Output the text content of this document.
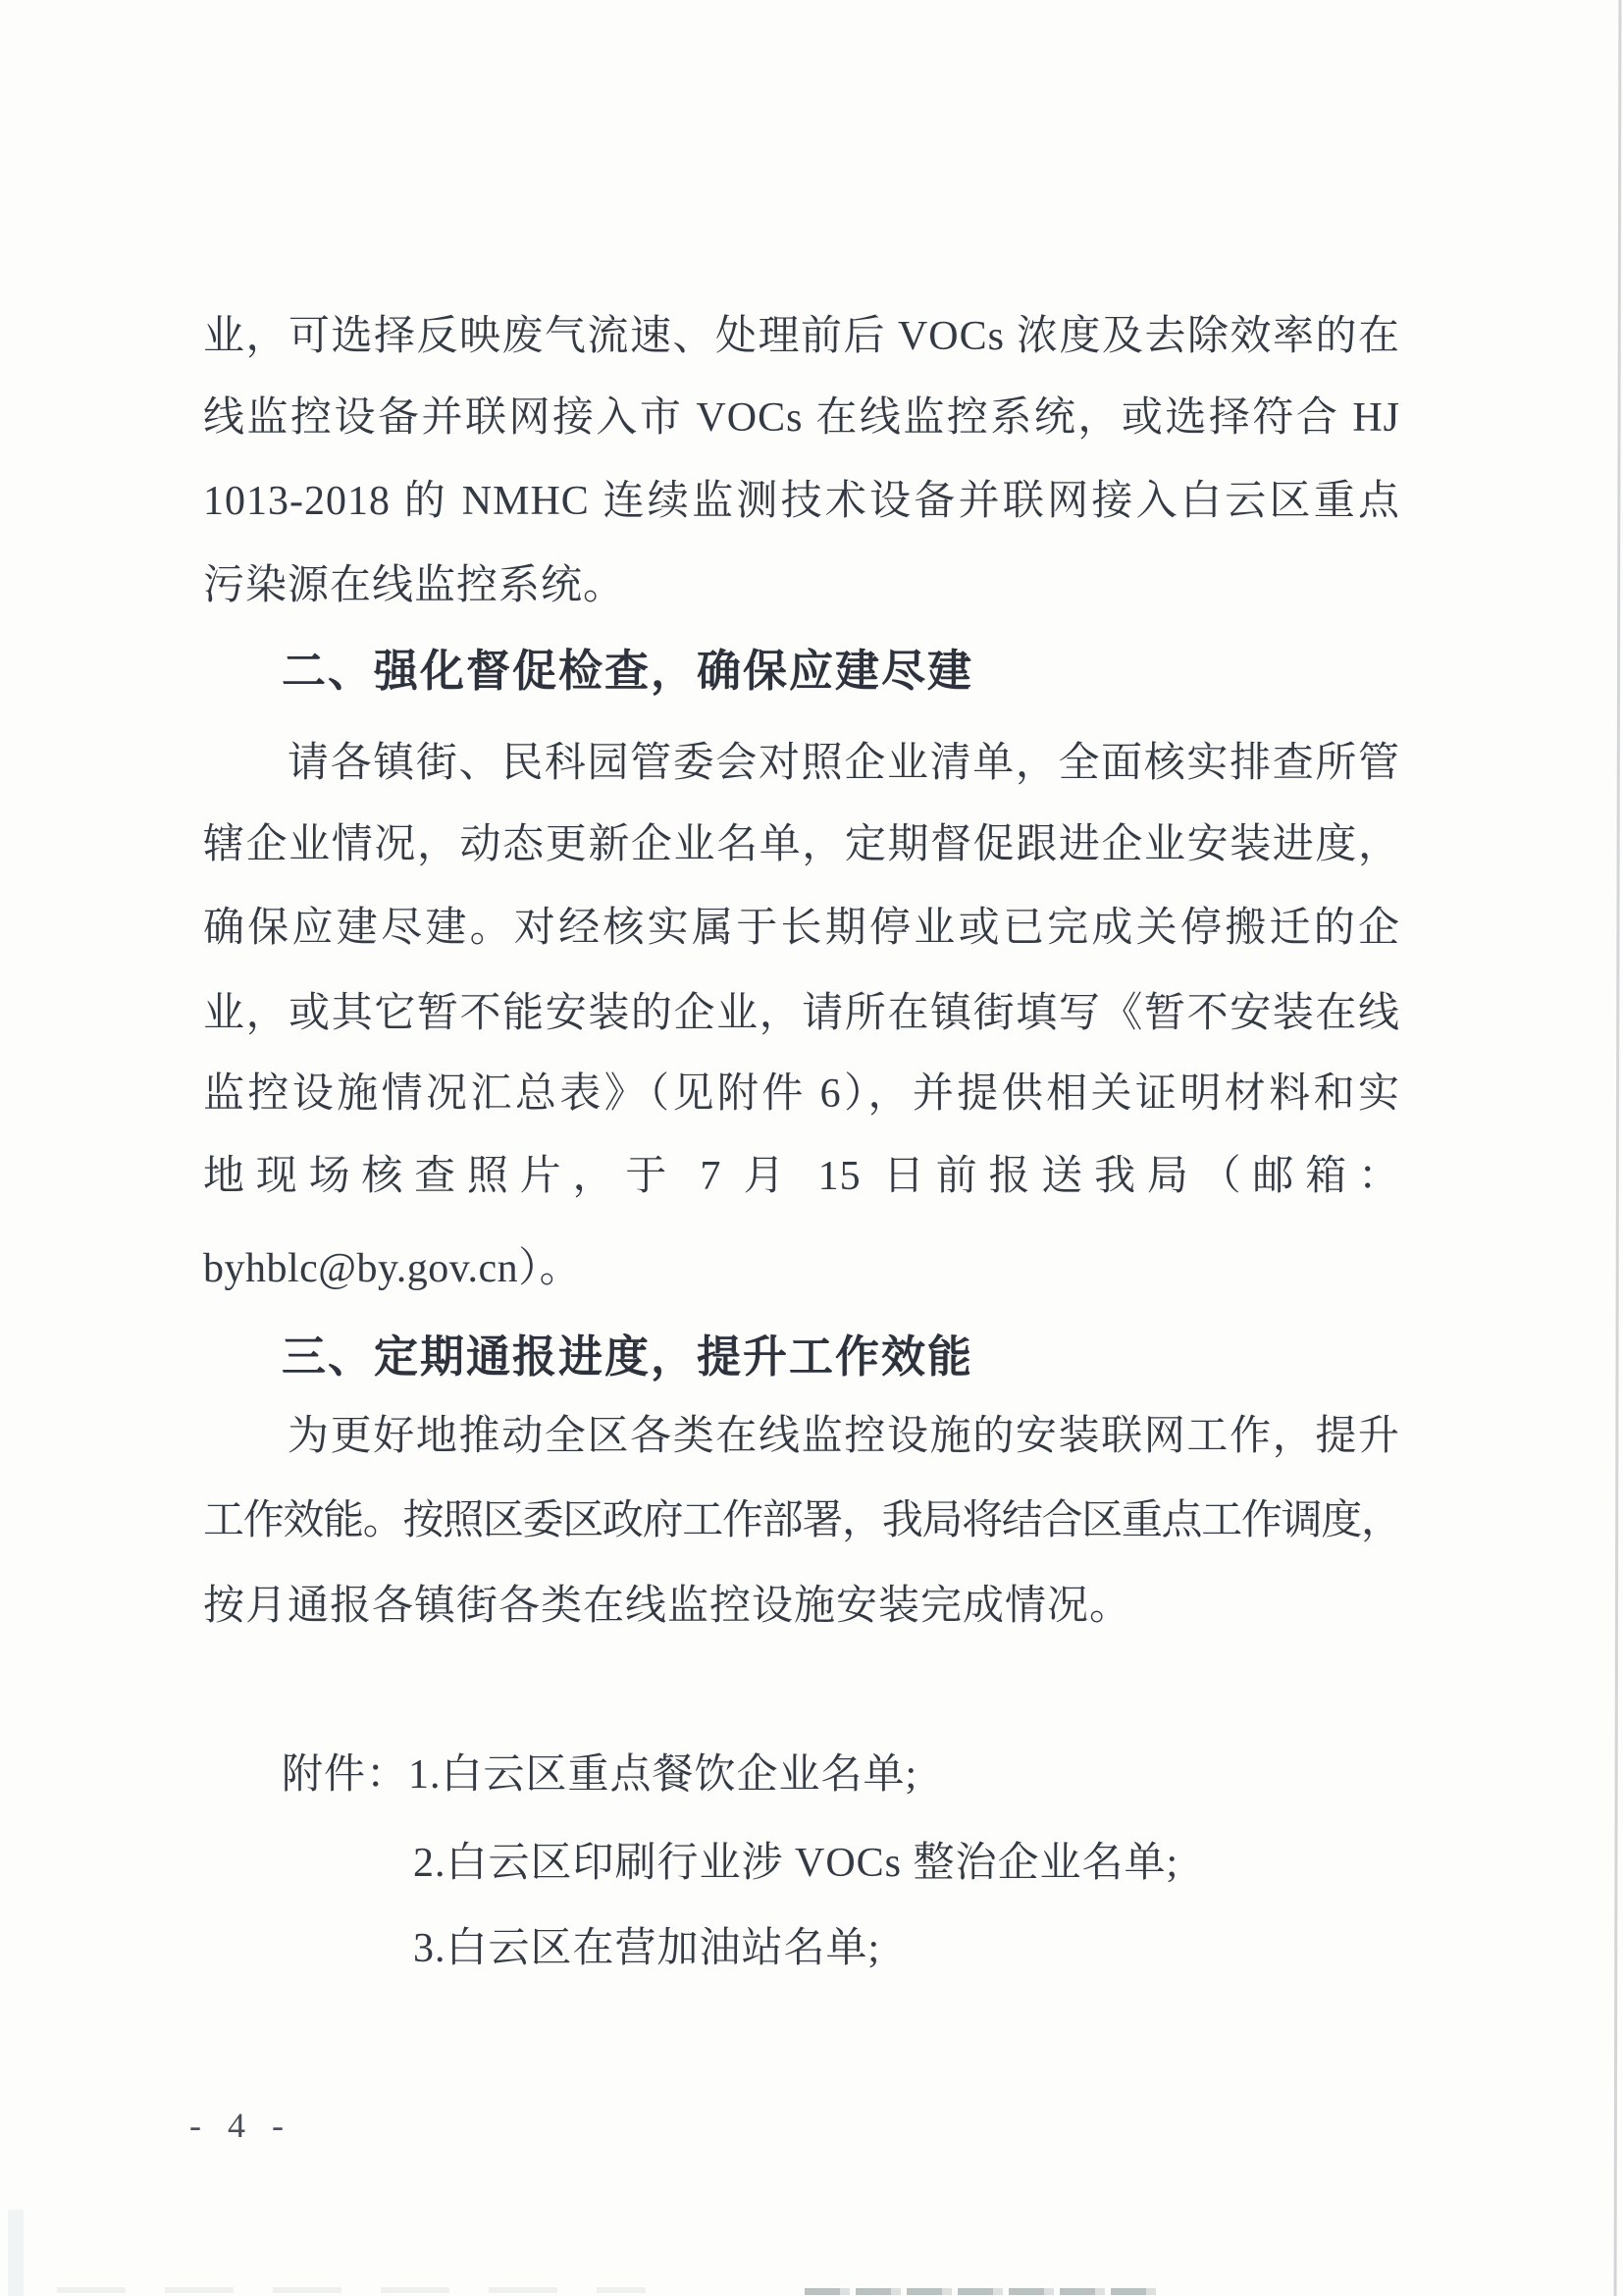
业，可选择反映废气流速、处理前后 VOCs 浓度及去除效率的在
线监控设备并联网接入市 VOCs 在线监控系统，或选择符合 HJ
1013-2018 的 NMHC 连续监测技术设备并联网接入白云区重点
污染源在线监控系统。
二、强化督促检查，确保应建尽建
请各镇街、民科园管委会对照企业清单，全面核实排查所管
辖企业情况，动态更新企业名单，定期督促跟进企业安装进度，
确保应建尽建。对经核实属于长期停业或已完成关停搬迁的企
业，或其它暂不能安装的企业，请所在镇街填写《暂不安装在线
监控设施情况汇总表》（见附件 6），并提供相关证明材料和实
地现场核查照片，于 7 月 15 日前报送我局（邮箱：
byhblc@by.gov.cn）。
三、定期通报进度，提升工作效能
为更好地推动全区各类在线监控设施的安装联网工作，提升
工作效能。按照区委区政府工作部署，我局将结合区重点工作调度，
按月通报各镇街各类在线监控设施安装完成情况。
附件：1.白云区重点餐饮企业名单;
2.白云区印刷行业涉 VOCs 整治企业名单;
3.白云区在营加油站名单;
- 4 -
